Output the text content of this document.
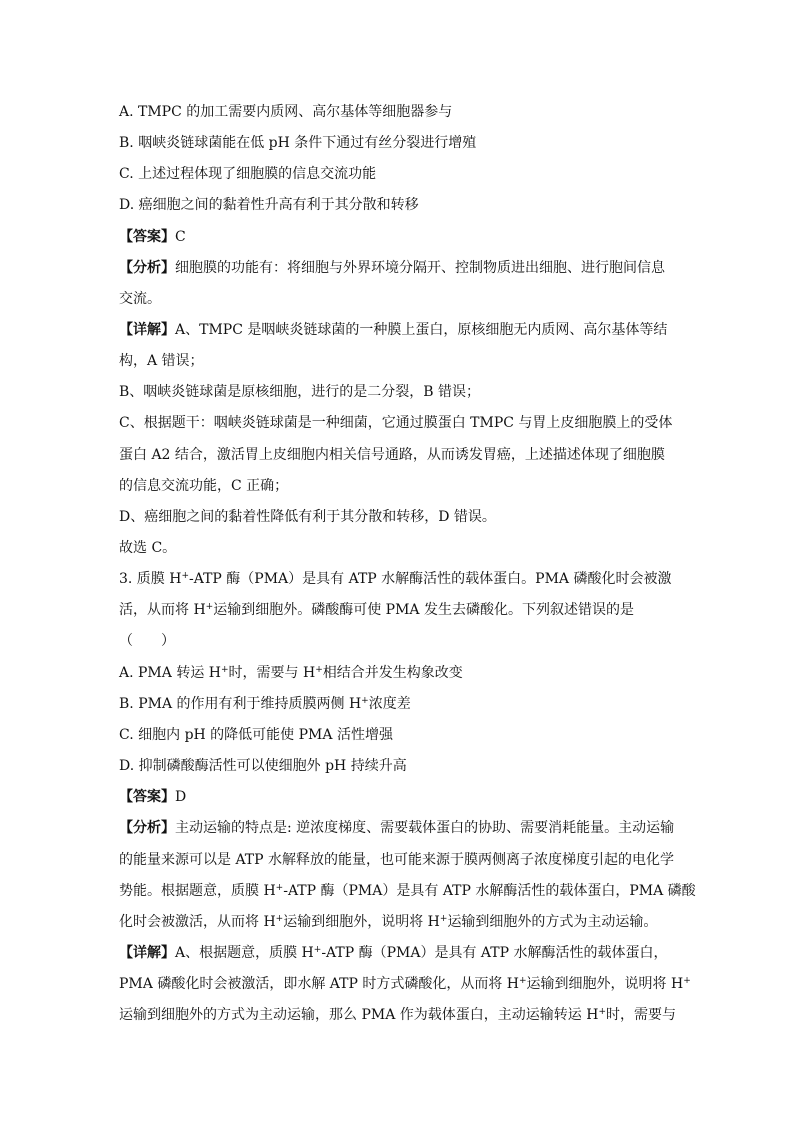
A. TMPC 的加工需要内质网、高尔基体等细胞器参与
B. 咽峡炎链球菌能在低 pH 条件下通过有丝分裂进行增殖
C. 上述过程体现了细胞膜的信息交流功能
D. 癌细胞之间的黏着性升高有利于其分散和转移
【答案】C
【分析】细胞膜的功能有：将细胞与外界环境分隔开、控制物质进出细胞、进行胞间信息
交流。
【详解】A、TMPC 是咽峡炎链球菌的一种膜上蛋白，原核细胞无内质网、高尔基体等结
构，A 错误；
B、咽峡炎链球菌是原核细胞，进行的是二分裂，B 错误；
C、根据题干：咽峡炎链球菌是一种细菌，它通过膜蛋白 TMPC 与胃上皮细胞膜上的受体
蛋白 A2 结合，激活胃上皮细胞内相关信号通路，从而诱发胃癌，上述描述体现了细胞膜
的信息交流功能，C 正确；
D、癌细胞之间的黏着性降低有利于其分散和转移，D 错误。
故选 C。
3. 质膜 H+-ATP 酶（PMA）是具有 ATP 水解酶活性的载体蛋白。PMA 磷酸化时会被激
活，从而将 H+运输到细胞外。磷酸酶可使 PMA 发生去磷酸化。下列叙述错误的是
（　　）
A. PMA 转运 H+时，需要与 H+相结合并发生构象改变
B. PMA 的作用有利于维持质膜两侧 H+浓度差
C. 细胞内 pH 的降低可能使 PMA 活性增强
D. 抑制磷酸酶活性可以使细胞外 pH 持续升高
【答案】D
【分析】主动运输的特点是: 逆浓度梯度、需要载体蛋白的协助、需要消耗能量。主动运输
的能量来源可以是 ATP 水解释放的能量，也可能来源于膜两侧离子浓度梯度引起的电化学
势能。根据题意，质膜 H+-ATP 酶（PMA）是具有 ATP 水解酶活性的载体蛋白，PMA 磷酸
化时会被激活，从而将 H+运输到细胞外，说明将 H+运输到细胞外的方式为主动运输。
【详解】A、根据题意，质膜 H+-ATP 酶（PMA）是具有 ATP 水解酶活性的载体蛋白，
PMA 磷酸化时会被激活，即水解 ATP 时方式磷酸化，从而将 H+运输到细胞外，说明将 H+
运输到细胞外的方式为主动运输，那么 PMA 作为载体蛋白，主动运输转运 H+时，需要与
